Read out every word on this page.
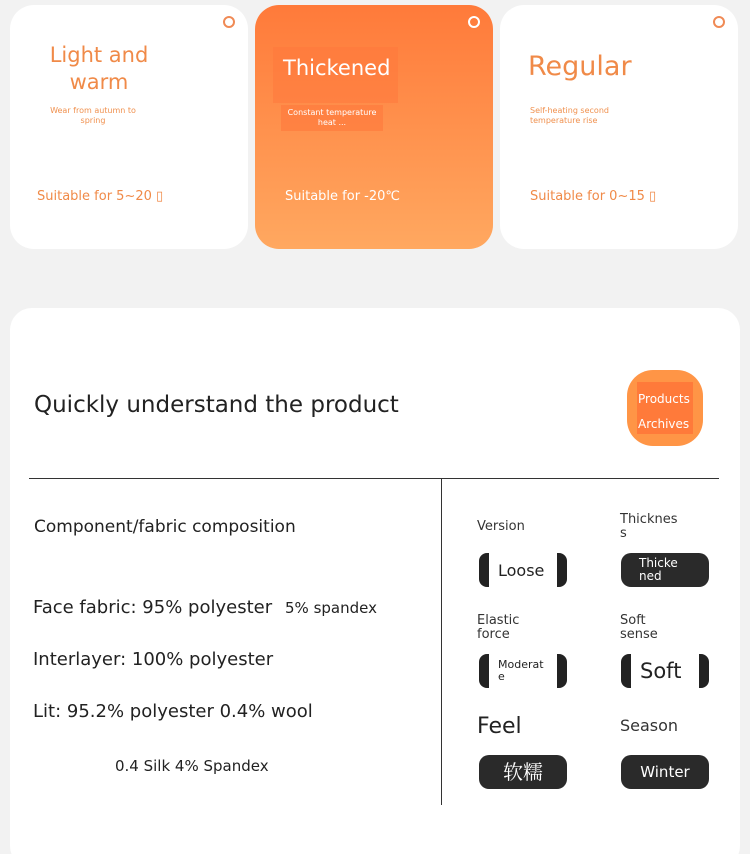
Light and warm
Wear from autumn to spring
Suitable for 5~20 ▯
Thickened
Constant temperature heat ...
Suitable for -20℃
Regular
Self-heating second temperature rise
Suitable for 0~15 ▯
Quickly understand the product	Products Archives
Component/fabric composition
Face fabric: 95% polyester 5% spandex
Interlayer: 100% polyester
Lit: 95.2% polyester 0.4% wool
0.4 Silk 4% Spandex
Version
Loose
Thickness
Thickened
Elastic force
Moderate
Soft sense
Soft
Feel
软糯
Season
Winter
